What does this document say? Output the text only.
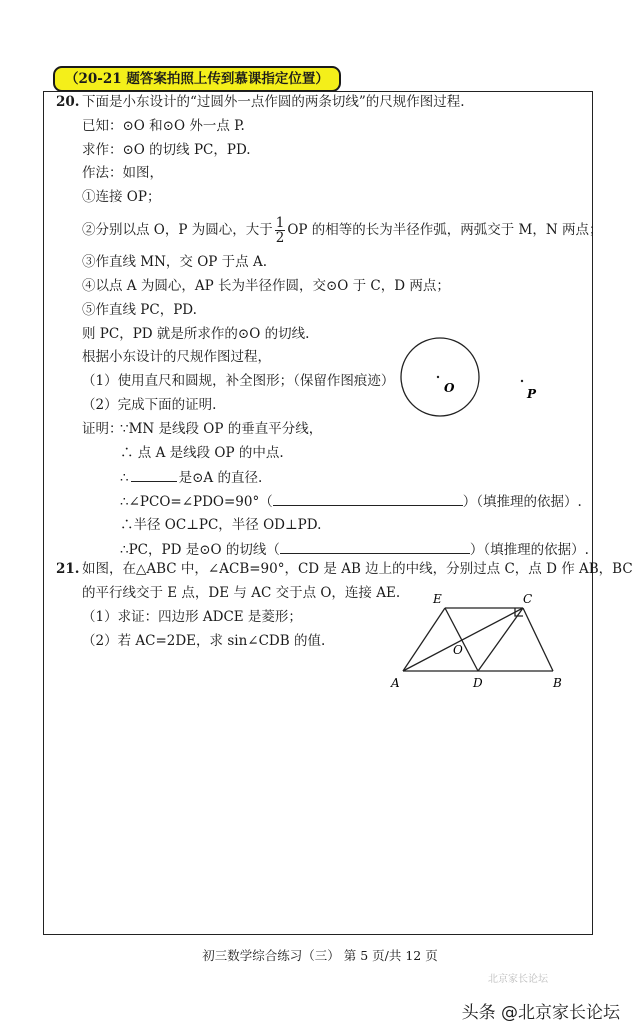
（20-21 题答案拍照上传到慕课指定位置）
20. 下面是小东设计的“过圆外一点作圆的两条切线”的尺规作图过程.
已知：⊙O 和⊙O 外一点 P.
求作：⊙O 的切线 PC，PD.
作法：如图，
①连接 OP；
②分别以点 O，P 为圆心，大于 $\frac{1}{2}$ OP 的相等的长为半径作弧，两弧交于 M，N 两点；
③作直线 MN，交 OP 于点 A.
④以点 A 为圆心，AP 长为半径作圆，交⊙O 于 C，D 两点；
⑤作直线 PC，PD.
则 PC，PD 就是所求作的⊙O 的切线.
根据小东设计的尺规作图过程，
（1）使用直尺和圆规，补全图形；（保留作图痕迹）
（2）完成下面的证明.
证明：
∵MN 是线段 OP 的垂直平分线，
∴ 点 A 是线段 OP 的中点.
∴	是⊙A 的直径.
∴∠PCO=∠PDO=90°（	）（填推理的依据）.
∴半径 OC⊥PC，半径 OD⊥PD.
∴PC，PD 是⊙O 的切线（	）（填推理的依据）.
O	P
21. 如图，在△ABC 中，∠ACB=90°，CD 是 AB 边上的中线，分别过点 C，点 D 作 AB，BC
的平行线交于 E 点，DE 与 AC 交于点 O，连接 AE.
（1）求证：四边形 ADCE 是菱形；
（2）若 AC=2DE，求 sin∠CDB 的值.
A	D	B
E	C
O
初三数学综合练习（三） 第 5 页/共 12 页
北京家长论坛
头条 @北京家长论坛
